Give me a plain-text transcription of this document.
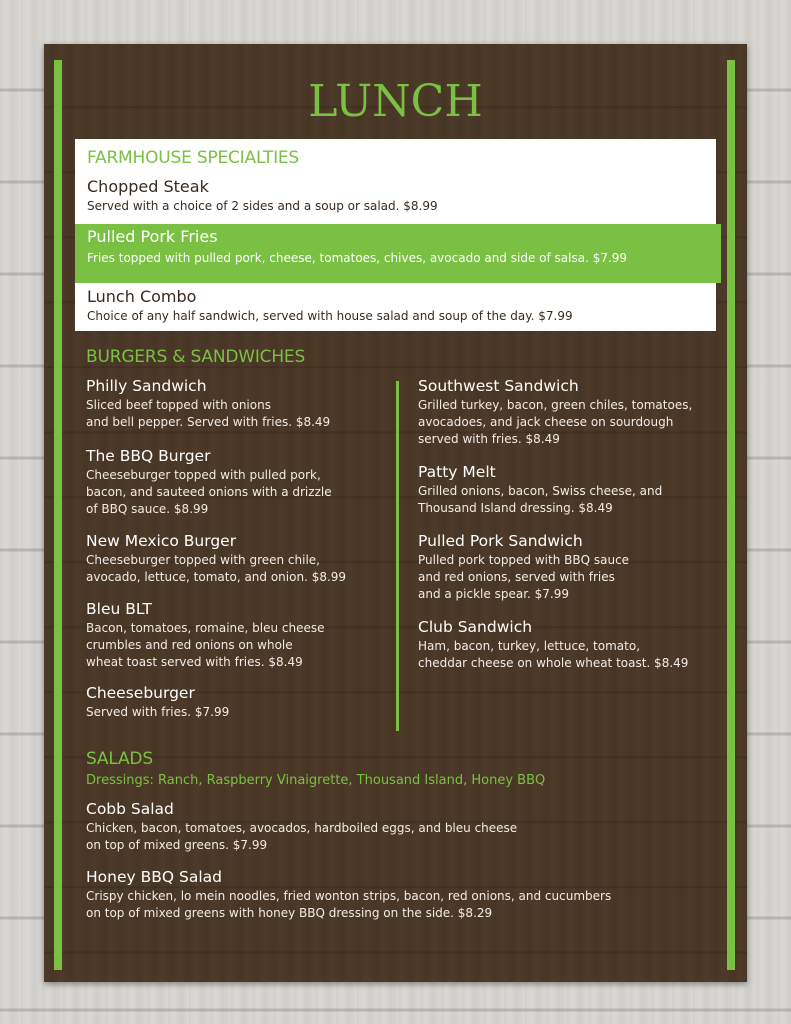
LUNCH
FARMHOUSE SPECIALTIES
Chopped Steak
Served with a choice of 2 sides and a soup or salad. $8.99
Pulled Pork Fries
Fries topped with pulled pork, cheese, tomatoes, chives, avocado and side of salsa. $7.99
Lunch Combo
Choice of any half sandwich, served with house salad and soup of the day. $7.99
BURGERS & SANDWICHES
Philly Sandwich
Sliced beef topped with onions
and bell pepper. Served with fries. $8.49
The BBQ Burger
Cheeseburger topped with pulled pork,
bacon, and sauteed onions with a drizzle
of BBQ sauce. $8.99
New Mexico Burger
Cheeseburger topped with green chile,
avocado, lettuce, tomato, and onion. $8.99
Bleu BLT
Bacon, tomatoes, romaine, bleu cheese
crumbles and red onions on whole
wheat toast served with fries. $8.49
Cheeseburger
Served with fries. $7.99
Southwest Sandwich
Grilled turkey, bacon, green chiles, tomatoes,
avocadoes, and jack cheese on sourdough
served with fries. $8.49
Patty Melt
Grilled onions, bacon, Swiss cheese, and
Thousand Island dressing. $8.49
Pulled Pork Sandwich
Pulled pork topped with BBQ sauce
and red onions, served with fries
and a pickle spear. $7.99
Club Sandwich
Ham, bacon, turkey, lettuce, tomato,
cheddar cheese on whole wheat toast. $8.49
SALADS
Dressings: Ranch, Raspberry Vinaigrette, Thousand Island, Honey BBQ
Cobb Salad
Chicken, bacon, tomatoes, avocados, hardboiled eggs, and bleu cheese
on top of mixed greens. $7.99
Honey BBQ Salad
Crispy chicken, lo mein noodles, fried wonton strips, bacon, red onions, and cucumbers
on top of mixed greens with honey BBQ dressing on the side. $8.29
